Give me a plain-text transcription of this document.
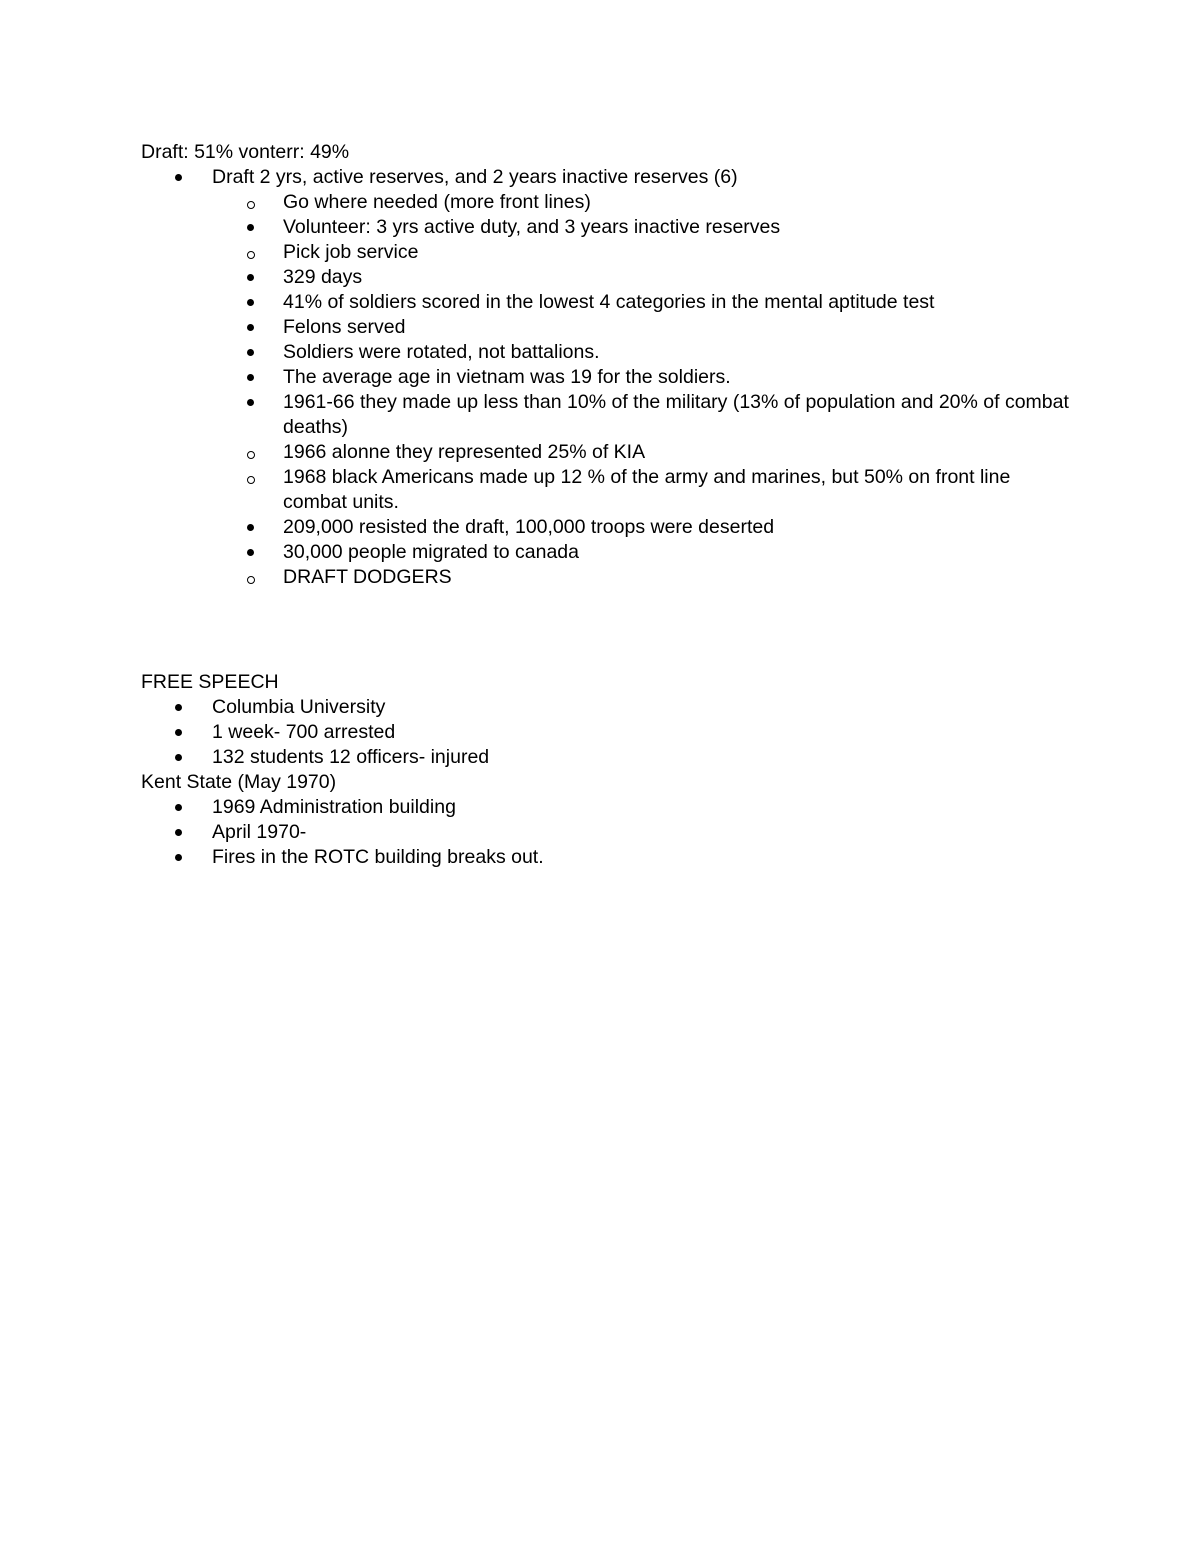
Draft: 51% vonterr: 49%

Draft 2 yrs, active reserves, and 2 years inactive reserves (6)
Go where needed (more front lines)
Volunteer: 3 yrs active duty, and 3 years inactive reserves
Pick job service
329 days
41% of soldiers scored in the lowest 4 categories in the mental aptitude test
Felons served
Soldiers were rotated, not battalions.
The average age in vietnam was 19 for the soldiers.
1961-66 they made up less than 10% of the military (13% of population and 20% of combat deaths)
1966 alonne they represented 25% of KIA
1968 black Americans made up 12 % of the army and marines, but 50% on front line combat units.
209,000 resisted the draft, 100,000 troops were deserted
30,000 people migrated to canada
DRAFT DODGERS

FREE SPEECH

Columbia University
1 week- 700 arrested
132 students 12 officers- injured

Kent State (May 1970)

1969 Administration building
April 1970-
Fires in the ROTC building breaks out.
